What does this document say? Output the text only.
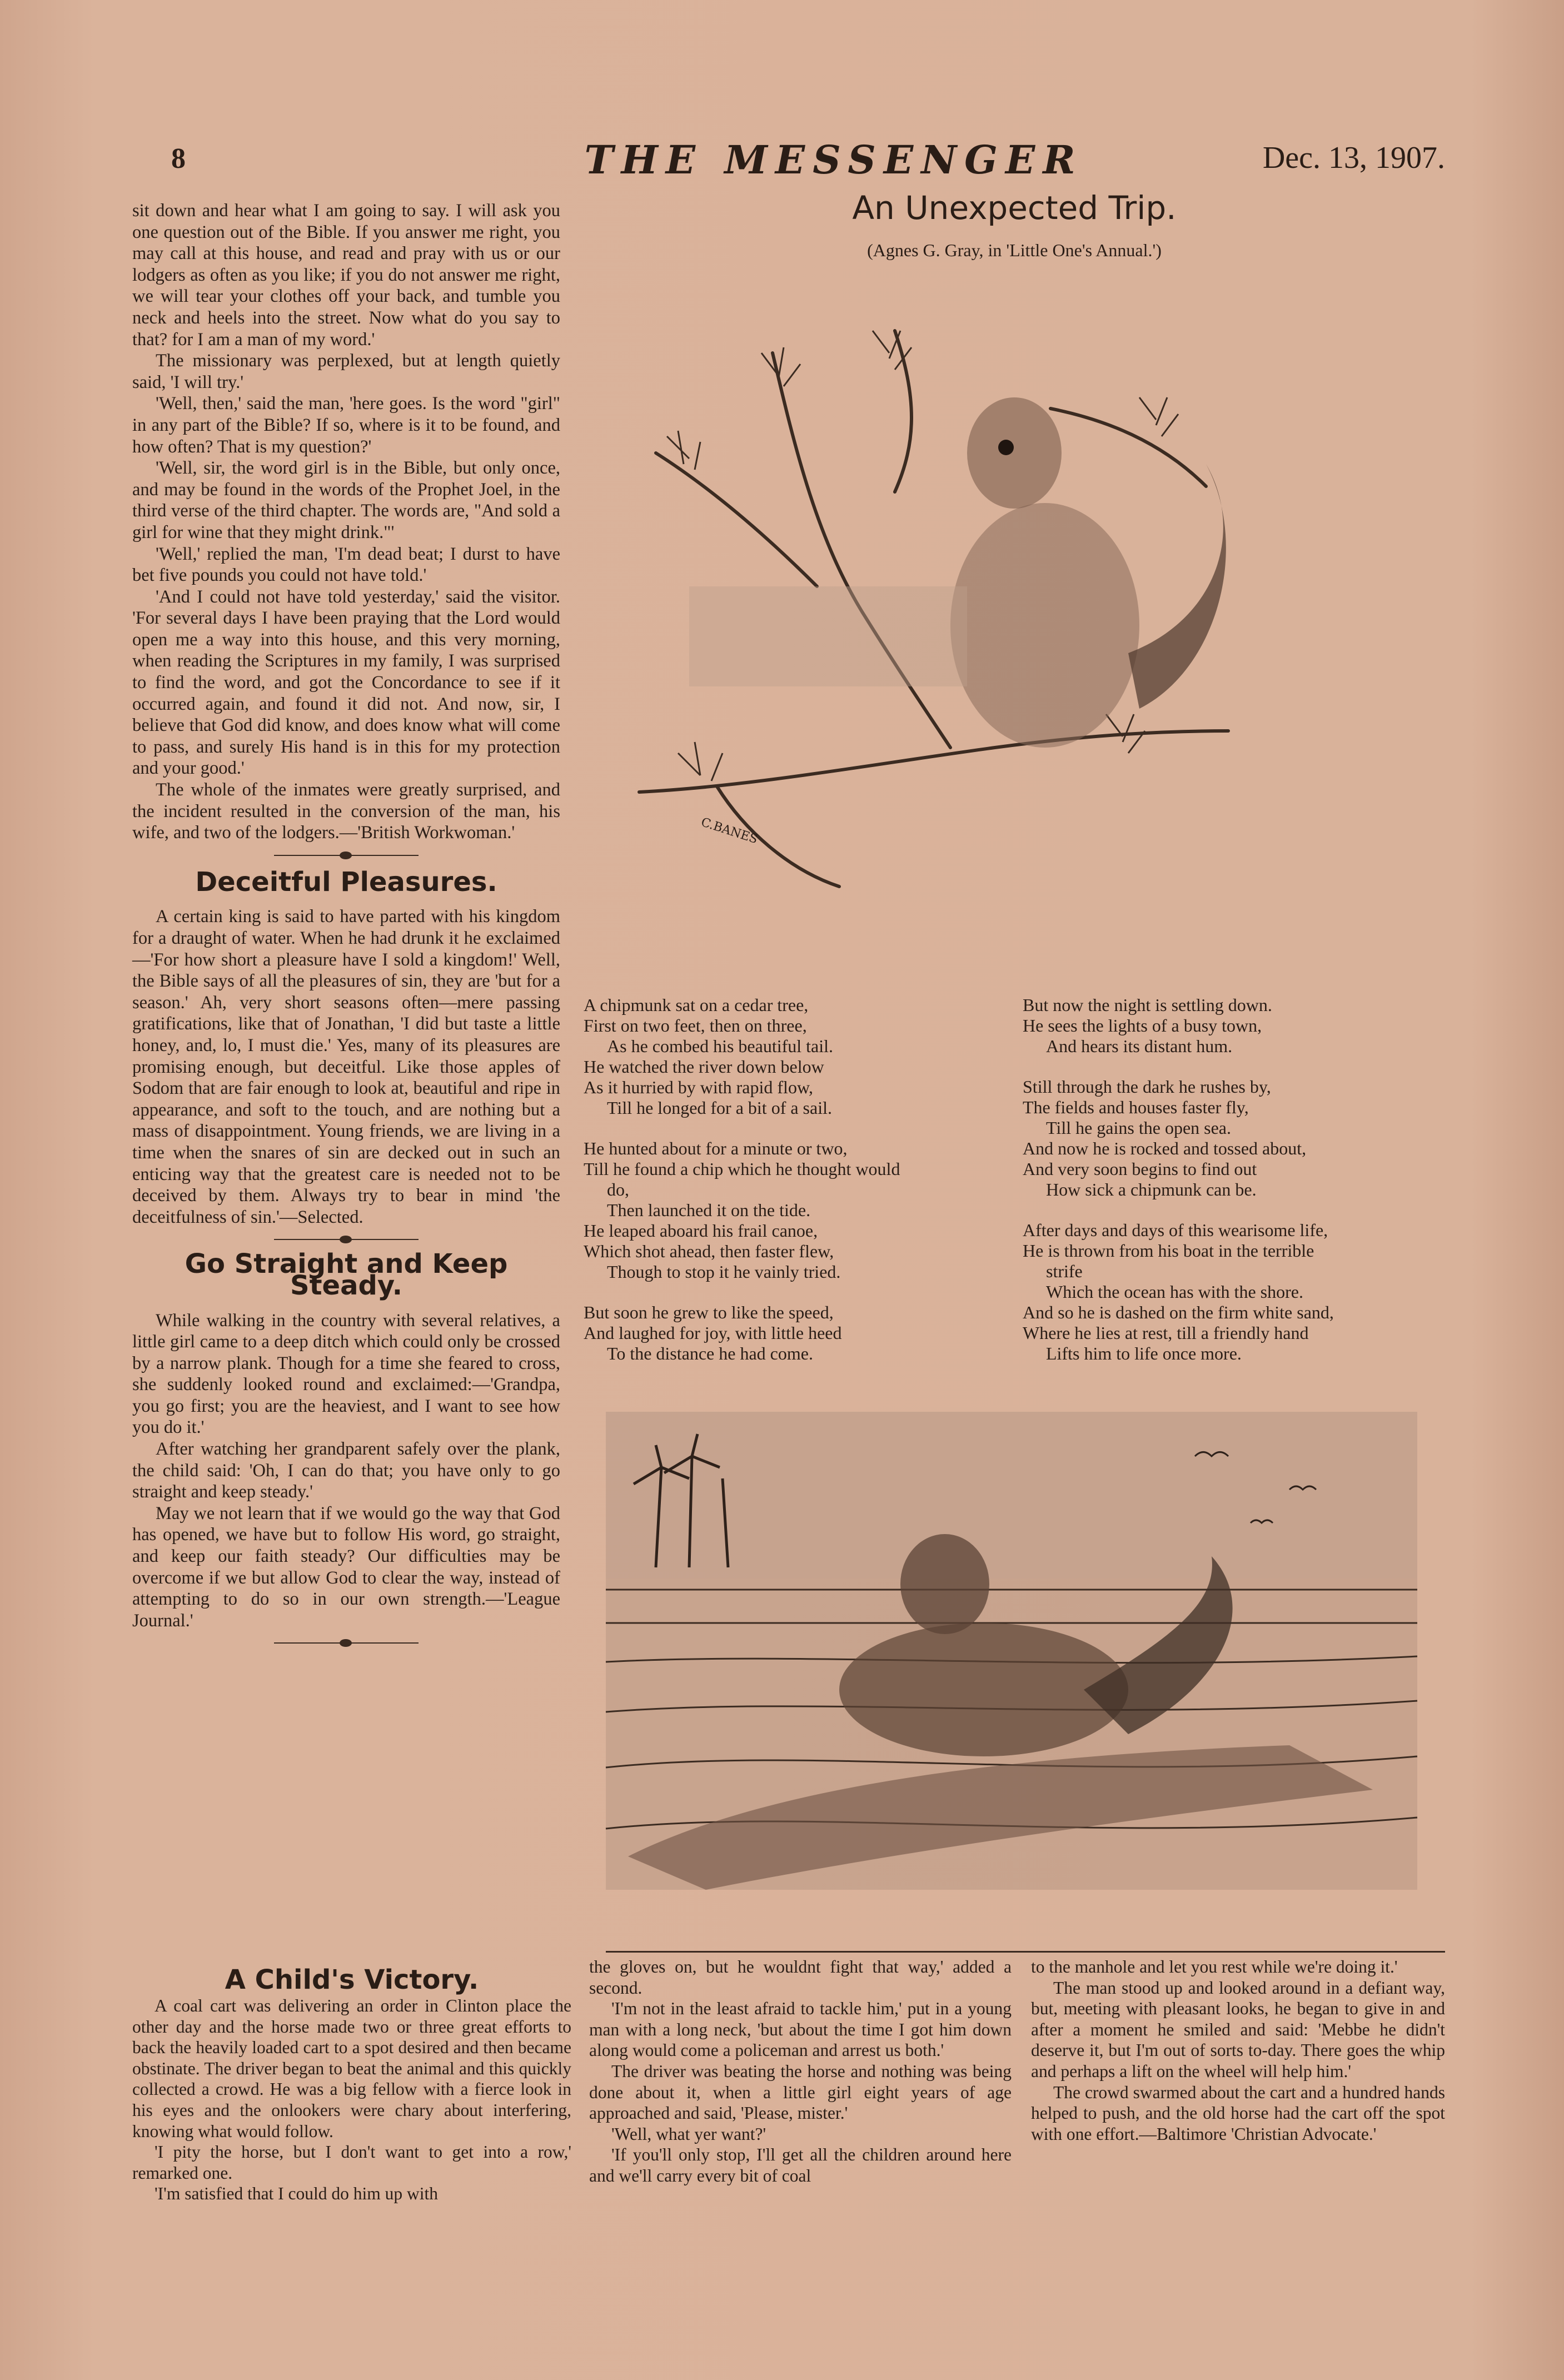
8	THE MESSENGER	Dec. 13, 1907.

sit down and hear what I am going to say. I will ask you one question out of the Bible. If you answer me right, you may call at this house, and read and pray with us or our lodgers as often as you like; if you do not answer me right, we will tear your clothes off your back, and tumble you neck and heels into the street. Now what do you say to that? for I am a man of my word.'

The missionary was perplexed, but at length quietly said, 'I will try.'

'Well, then,' said the man, 'here goes. Is the word "girl" in any part of the Bible? If so, where is it to be found, and how often? That is my question?'

'Well, sir, the word girl is in the Bible, but only once, and may be found in the words of the Prophet Joel, in the third verse of the third chapter. The words are, "And sold a girl for wine that they might drink."'

'Well,' replied the man, 'I'm dead beat; I durst to have bet five pounds you could not have told.'

'And I could not have told yesterday,' said the visitor. 'For several days I have been praying that the Lord would open me a way into this house, and this very morning, when reading the Scriptures in my family, I was surprised to find the word, and got the Concordance to see if it occurred again, and found it did not. And now, sir, I believe that God did know, and does know what will come to pass, and surely His hand is in this for my protection and your good.'

The whole of the inmates were greatly surprised, and the incident resulted in the conversion of the man, his wife, and two of the lodgers.—'British Workwoman.'

Deceitful Pleasures.

A certain king is said to have parted with his kingdom for a draught of water. When he had drunk it he exclaimed—'For how short a pleasure have I sold a kingdom!' Well, the Bible says of all the pleasures of sin, they are 'but for a season.' Ah, very short seasons often—mere passing gratifications, like that of Jonathan, 'I did but taste a little honey, and, lo, I must die.' Yes, many of its pleasures are promising enough, but deceitful. Like those apples of Sodom that are fair enough to look at, beautiful and ripe in appearance, and soft to the touch, and are nothing but a mass of disappointment. Young friends, we are living in a time when the snares of sin are decked out in such an enticing way that the greatest care is needed not to be deceived by them. Always try to bear in mind 'the deceitfulness of sin.'—Selected.

Go Straight and Keep Steady.

While walking in the country with several relatives, a little girl came to a deep ditch which could only be crossed by a narrow plank. Though for a time she feared to cross, she suddenly looked round and exclaimed:—'Grandpa, you go first; you are the heaviest, and I want to see how you do it.'

After watching her grandparent safely over the plank, the child said: 'Oh, I can do that; you have only to go straight and keep steady.'

May we not learn that if we would go the way that God has opened, we have but to follow His word, go straight, and keep our faith steady? Our difficulties may be overcome if we but allow God to clear the way, instead of attempting to do so in our own strength.—'League Journal.'

An Unexpected Trip.
(Agnes G. Gray, in 'Little One's Annual.')
C.BANES
A chipmunk sat on a cedar tree,
First on two feet, then on three,
As he combed his beautiful tail.
He watched the river down below
As it hurried by with rapid flow,
Till he longed for a bit of a sail.
He hunted about for a minute or two,
Till he found a chip which he thought would
do,
Then launched it on the tide.
He leaped aboard his frail canoe,
Which shot ahead, then faster flew,
Though to stop it he vainly tried.
But soon he grew to like the speed,
And laughed for joy, with little heed
To the distance he had come.
But now the night is settling down.
He sees the lights of a busy town,
And hears its distant hum.
Still through the dark he rushes by,
The fields and houses faster fly,
Till he gains the open sea.
And now he is rocked and tossed about,
And very soon begins to find out
How sick a chipmunk can be.
After days and days of this wearisome life,
He is thrown from his boat in the terrible
strife
Which the ocean has with the shore.
And so he is dashed on the firm white sand,
Where he lies at rest, till a friendly hand
Lifts him to life once more.
A Child's Victory.

A coal cart was delivering an order in Clinton place the other day and the horse made two or three great efforts to back the heavily loaded cart to a spot desired and then became obstinate. The driver began to beat the animal and this quickly collected a crowd. He was a big fellow with a fierce look in his eyes and the onlookers were chary about interfering, knowing what would follow.

'I pity the horse, but I don't want to get into a row,' remarked one.

'I'm satisfied that I could do him up with

the gloves on, but he wouldnt fight that way,' added a second.

'I'm not in the least afraid to tackle him,' put in a young man with a long neck, 'but about the time I got him down along would come a policeman and arrest us both.'

The driver was beating the horse and nothing was being done about it, when a little girl eight years of age approached and said, 'Please, mister.'

'Well, what yer want?'

'If you'll only stop, I'll get all the children around here and we'll carry every bit of coal

to the manhole and let you rest while we're doing it.'

The man stood up and looked around in a defiant way, but, meeting with pleasant looks, he began to give in and after a moment he smiled and said: 'Mebbe he didn't deserve it, but I'm out of sorts to-day. There goes the whip and perhaps a lift on the wheel will help him.'

The crowd swarmed about the cart and a hundred hands helped to push, and the old horse had the cart off the spot with one effort.—Baltimore 'Christian Advocate.'
